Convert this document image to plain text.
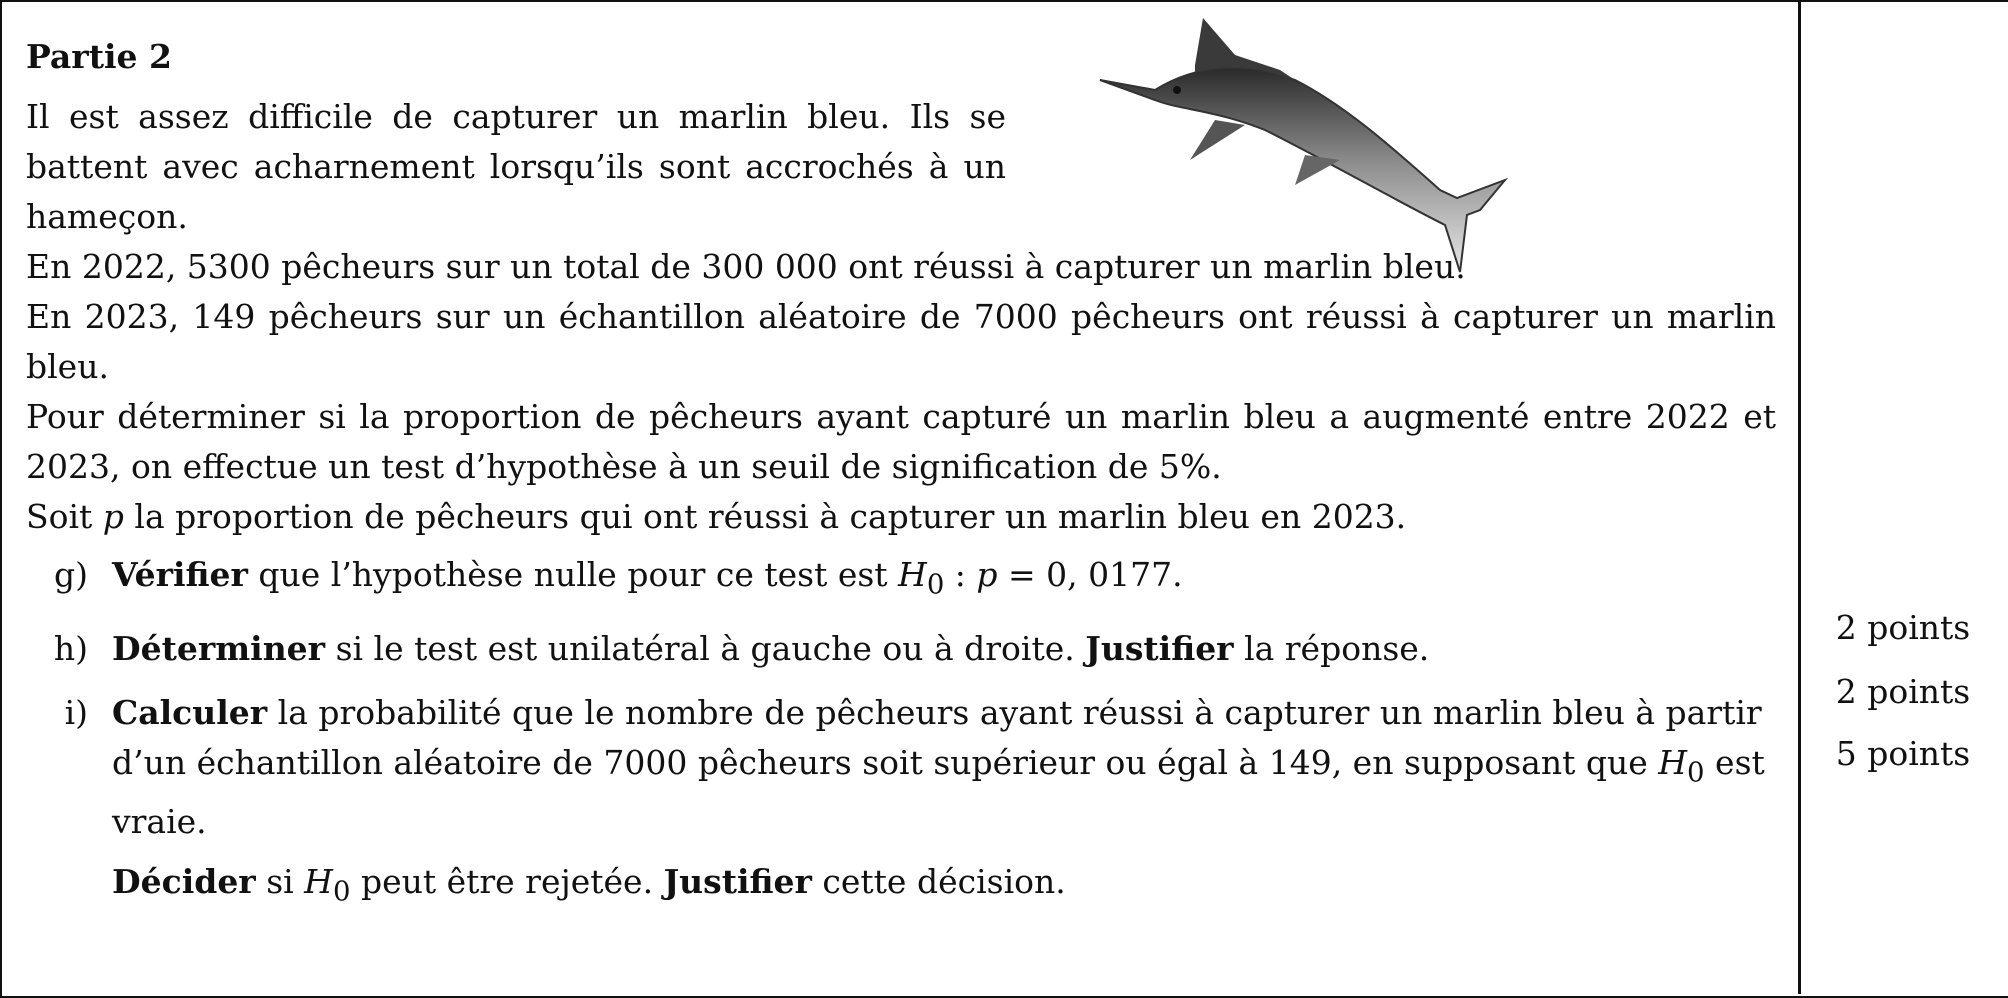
Partie 2

Il est assez difficile de capturer un marlin bleu. Ils se battent avec acharnement lorsqu’ils sont accrochés à un hameçon.

En 2022, 5300 pêcheurs sur un total de 300 000 ont réussi à capturer un marlin bleu.

En 2023, 149 pêcheurs sur un échantillon aléatoire de 7000 pêcheurs ont réussi à capturer un marlin bleu.

Pour déterminer si la proportion de pêcheurs ayant capturé un marlin bleu a augmenté entre 2022 et 2023, on effectue un test d’hypothèse à un seuil de signification de 5%.

Soit p la proportion de pêcheurs qui ont réussi à capturer un marlin bleu en 2023.

g) Vérifier que l’hypothèse nulle pour ce test est $H_0$ : p = 0, 0177.
h) Déterminer si le test est unilatéral à gauche ou à droite. Justifier la réponse.
i) Calculer la probabilité que le nombre de pêcheurs ayant réussi à capturer un marlin bleu à partir d’un échantillon aléatoire de 7000 pêcheurs soit supérieur ou égal à 149, en supposant que $H_0$ est vraie.
Décider si $H_0$ peut être rejetée. Justifier cette décision.
2 points
2 points
5 points
